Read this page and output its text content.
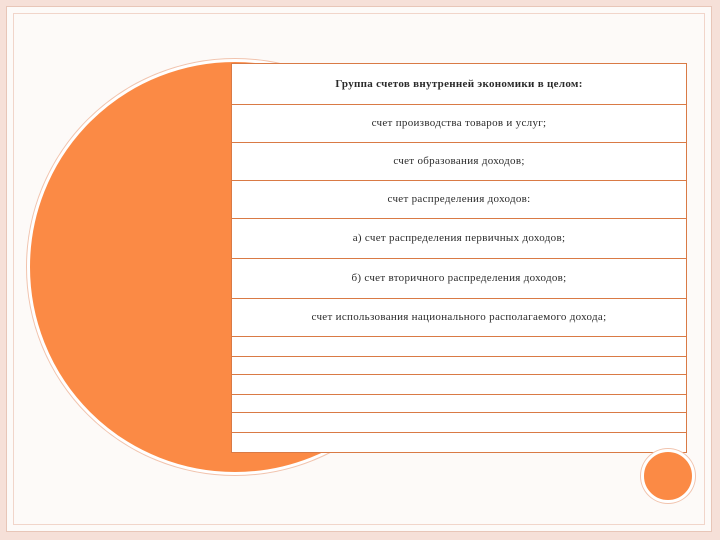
Группа счетов внутренней экономики в целом:
счет производства товаров и услуг;
счет образования доходов;
счет распределения доходов:
а) счет распределения первичных доходов;
б) счет вторичного распределения доходов;
счет использования национального располагаемого дохода;
